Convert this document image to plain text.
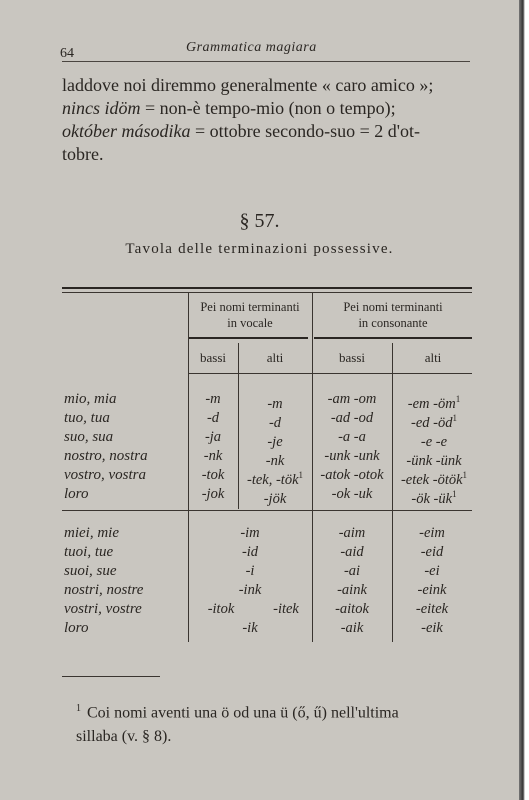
64	Grammatica magiara

laddove noi diremmo generalmente « caro amico »;

nincs idöm = non-è tempo-mio (non o tempo);

október másodika = ottobre secondo-suo = 2 d'ot-

tobre.

§ 57.
Tavola delle terminazioni possessive.
Pei nomi terminanti
in vocale
Pei nomi terminanti
in consonante
bassi	alti	bassi	alti
mio, mia	-m	-m	-am -om	-em $-öm^1$
tuo, tua	-d	-d	-ad -od	-ed $-öd^1$
suo, sua	-ja	-je	-a -a	-e -e
nostro, nostra	-nk	-nk	-unk -unk	-ünk -ünk
vostro, vostra	-tok	-tek, -tök$^1$	-atok -otok	-etek -ötök$^1$
loro	-jok	-jök	-ok -uk	-ök $-ük^1$
miei, mie	-im	-aim	-eim
tuoi, tue	-id	-aid	-eid
suoi, sue	-i	-ai	-ei
nostri, nostre	-ink	-aink	-eink
vostri, vostre	-itok	-itek	-aitok	-eitek
loro	-ik	-aik	-eik

$^1$ Coi nomi aventi una ö od una ü (ő, ű) nell'ultima

sillaba (v. § 8).
